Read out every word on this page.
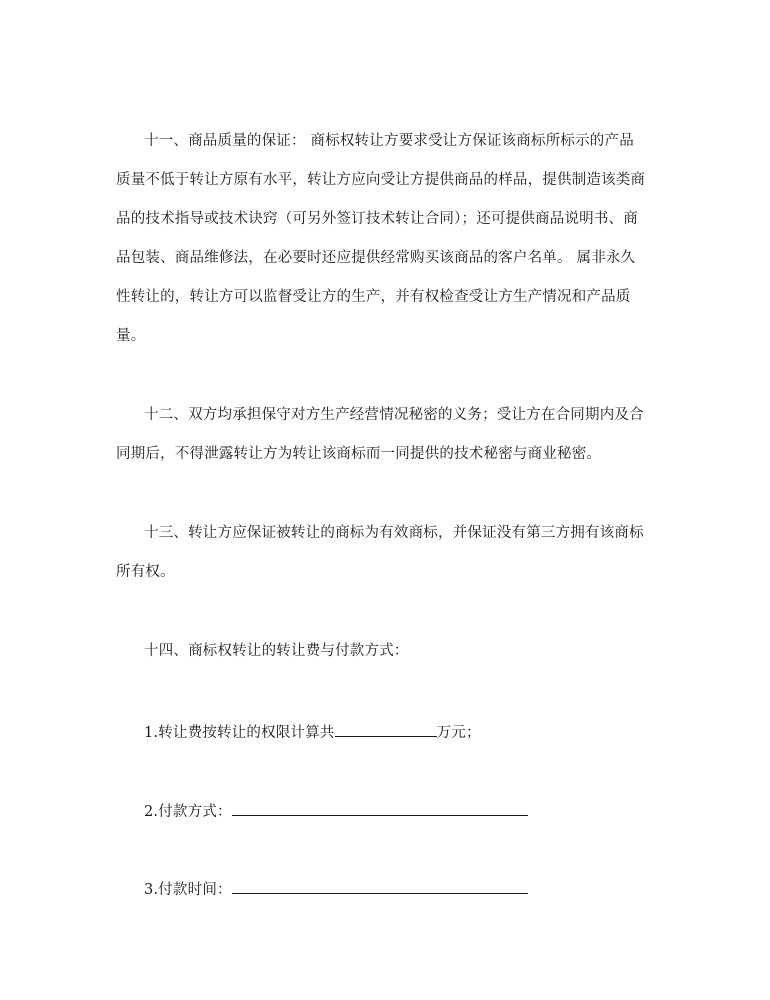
十一、商品质量的保证： 商标权转让方要求受让方保证该商标所标示的产品
质量不低于转让方原有水平，转让方应向受让方提供商品的样品，提供制造该类商
品的技术指导或技术诀窍（可另外签订技术转让合同）；还可提供商品说明书、商
品包装、商品维修法，在必要时还应提供经常购买该商品的客户名单。 属非永久
性转让的，转让方可以监督受让方的生产，并有权检查受让方生产情况和产品质
量。
十二、双方均承担保守对方生产经营情况秘密的义务；受让方在合同期内及合
同期后，不得泄露转让方为转让该商标而一同提供的技术秘密与商业秘密。
十三、转让方应保证被转让的商标为有效商标，并保证没有第三方拥有该商标
所有权。
十四、商标权转让的转让费与付款方式：
1.转让费按转让的权限计算共	万元；
2.付款方式：
3.付款时间：
